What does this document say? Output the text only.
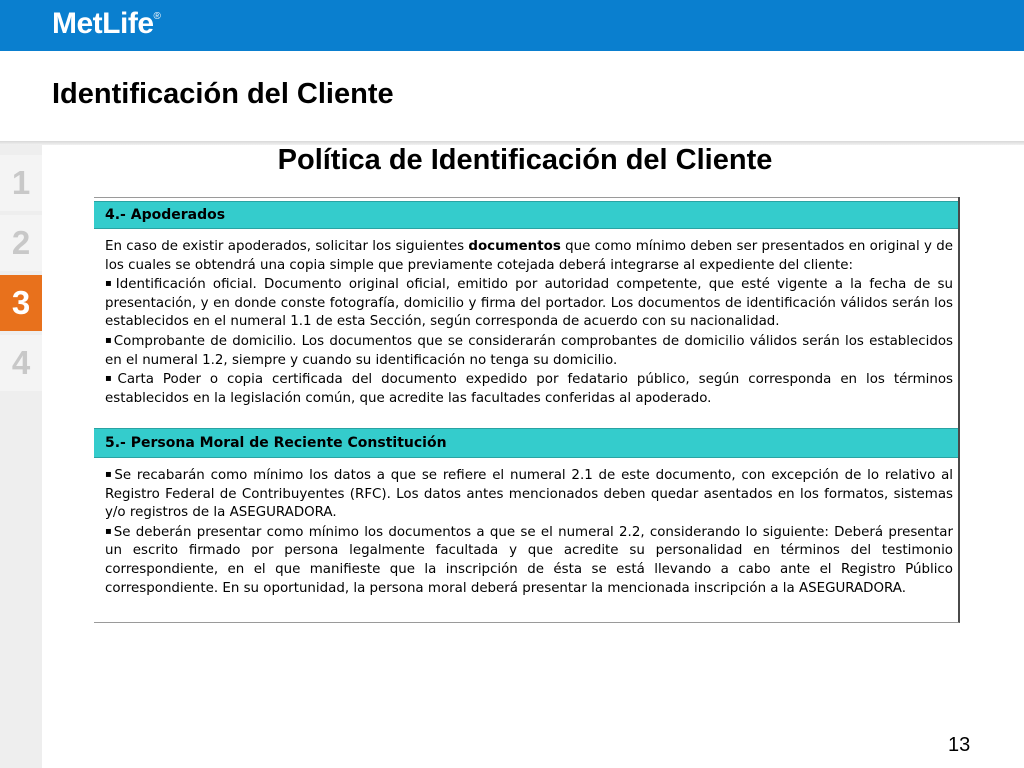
MetLife®
Identificación del Cliente
1
2
3
4
Política de Identificación del Cliente
4.- Apoderados

En caso de existir apoderados, solicitar los siguientes documentos que como mínimo deben ser presentados en original y de los cuales se obtendrá una copia simple que previamente cotejada deberá integrarse al expediente del cliente:

▪Identificación oficial. Documento original oficial, emitido por autoridad competente, que esté vigente a la fecha de su presentación, y en donde conste fotografía, domicilio y firma del portador. Los documentos de identificación válidos serán los establecidos en el numeral 1.1 de esta Sección, según corresponda de acuerdo con su nacionalidad.

▪Comprobante de domicilio. Los documentos que se considerarán comprobantes de domicilio válidos serán los establecidos en el numeral 1.2, siempre y cuando su identificación no tenga su domicilio.

▪Carta Poder o copia certificada del documento expedido por fedatario público, según corresponda en los términos establecidos en la legislación común, que acredite las facultades conferidas al apoderado.

5.- Persona Moral de Reciente Constitución

▪Se recabarán como mínimo los datos a que se refiere el numeral 2.1 de este documento, con excepción de lo relativo al Registro Federal de Contribuyentes (RFC). Los datos antes mencionados deben quedar asentados en los formatos, sistemas y/o registros de la ASEGURADORA.

▪Se deberán presentar como mínimo los documentos a que se el numeral 2.2, considerando lo siguiente: Deberá presentar un escrito firmado por persona legalmente facultada y que acredite su personalidad en términos del testimonio correspondiente, en el que manifieste que la inscripción de ésta se está llevando a cabo ante el Registro Público correspondiente. En su oportunidad, la persona moral deberá presentar la mencionada inscripción a la ASEGURADORA.

13
